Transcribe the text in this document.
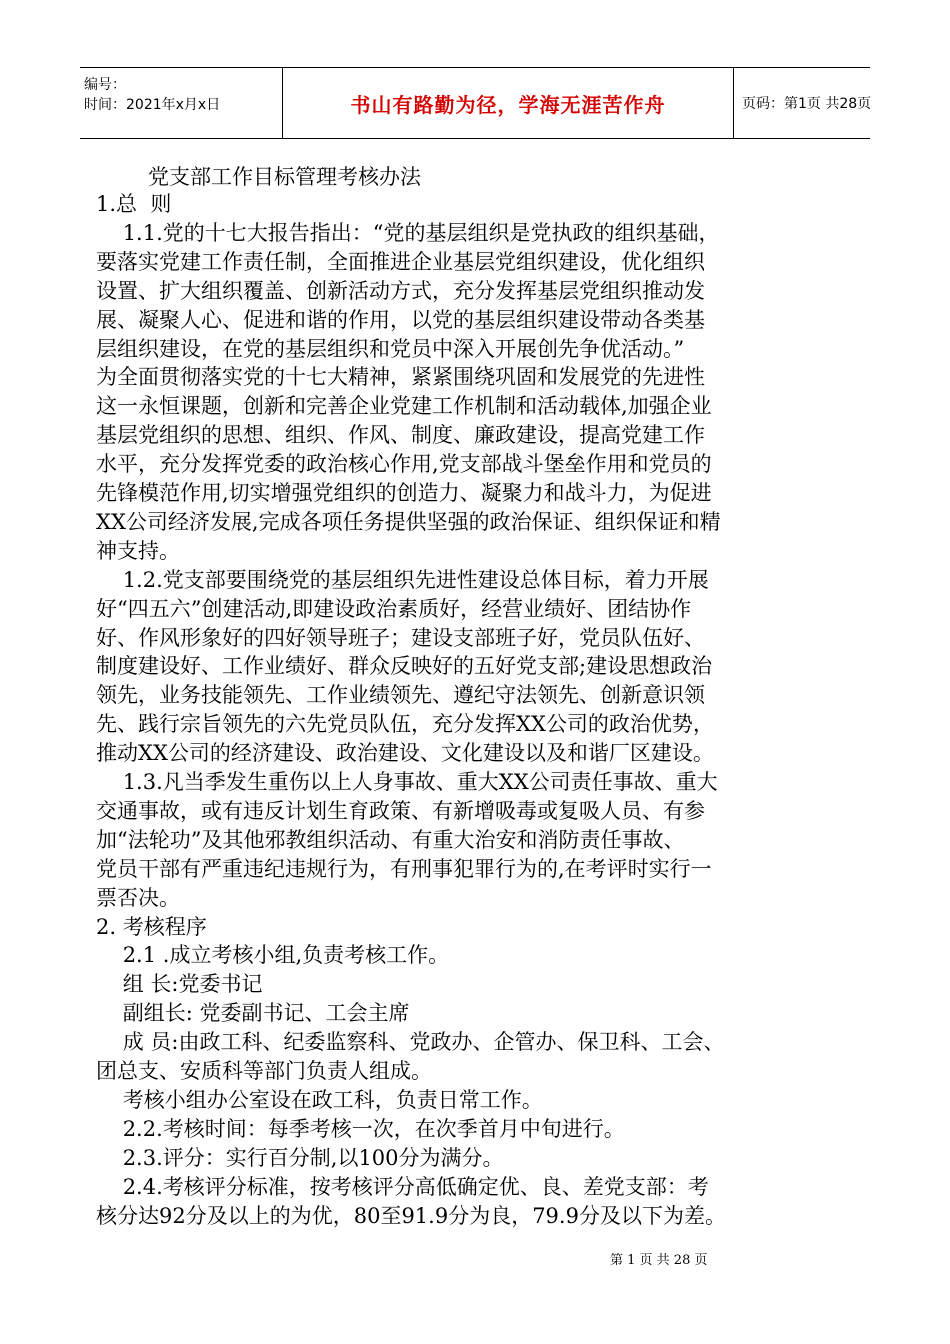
编号：
时间：2021年x月x日	书山有路勤为径，学海无涯苦作舟	页码：第1页 共28页
党支部工作目标管理考核办法
1.总  则
1.1.党的十七大报告指出：“党的基层组织是党执政的组织基础，
要落实党建工作责任制，全面推进企业基层党组织建设，优化组织
设置、扩大组织覆盖、创新活动方式，充分发挥基层党组织推动发
展、凝聚人心、促进和谐的作用，以党的基层组织建设带动各类基
层组织建设，在党的基层组织和党员中深入开展创先争优活动。”
为全面贯彻落实党的十七大精神，紧紧围绕巩固和发展党的先进性
这一永恒课题，创新和完善企业党建工作机制和活动载体,加强企业
基层党组织的思想、组织、作风、制度、廉政建设，提高党建工作
水平，充分发挥党委的政治核心作用,党支部战斗堡垒作用和党员的
先锋模范作用,切实增强党组织的创造力、凝聚力和战斗力，为促进
XX公司经济发展,完成各项任务提供坚强的政治保证、组织保证和精
神支持。
1.2.党支部要围绕党的基层组织先进性建设总体目标，着力开展
好“四五六”创建活动,即建设政治素质好，经营业绩好、团结协作
好、作风形象好的四好领导班子；建设支部班子好，党员队伍好、
制度建设好、工作业绩好、群众反映好的五好党支部;建设思想政治
领先，业务技能领先、工作业绩领先、遵纪守法领先、创新意识领
先、践行宗旨领先的六先党员队伍，充分发挥XX公司的政治优势，
推动XX公司的经济建设、政治建设、文化建设以及和谐厂区建设。
1.3.凡当季发生重伤以上人身事故、重大XX公司责任事故、重大
交通事故，或有违反计划生育政策、有新增吸毒或复吸人员、有参
加“法轮功”及其他邪教组织活动、有重大治安和消防责任事故、
党员干部有严重违纪违规行为，有刑事犯罪行为的,在考评时实行一
票否决。
2. 考核程序
2.1 .成立考核小组,负责考核工作。
组 长:党委书记
副组长: 党委副书记、工会主席
成 员:由政工科、纪委监察科、党政办、企管办、保卫科、工会、
团总支、安质科等部门负责人组成。
考核小组办公室设在政工科，负责日常工作。
2.2.考核时间：每季考核一次，在次季首月中旬进行。
2.3.评分：实行百分制,以100分为满分。
2.4.考核评分标准，按考核评分高低确定优、良、差党支部：考
核分达92分及以上的为优，80至91.9分为良，79.9分及以下为差。
第 1 页 共 28 页
